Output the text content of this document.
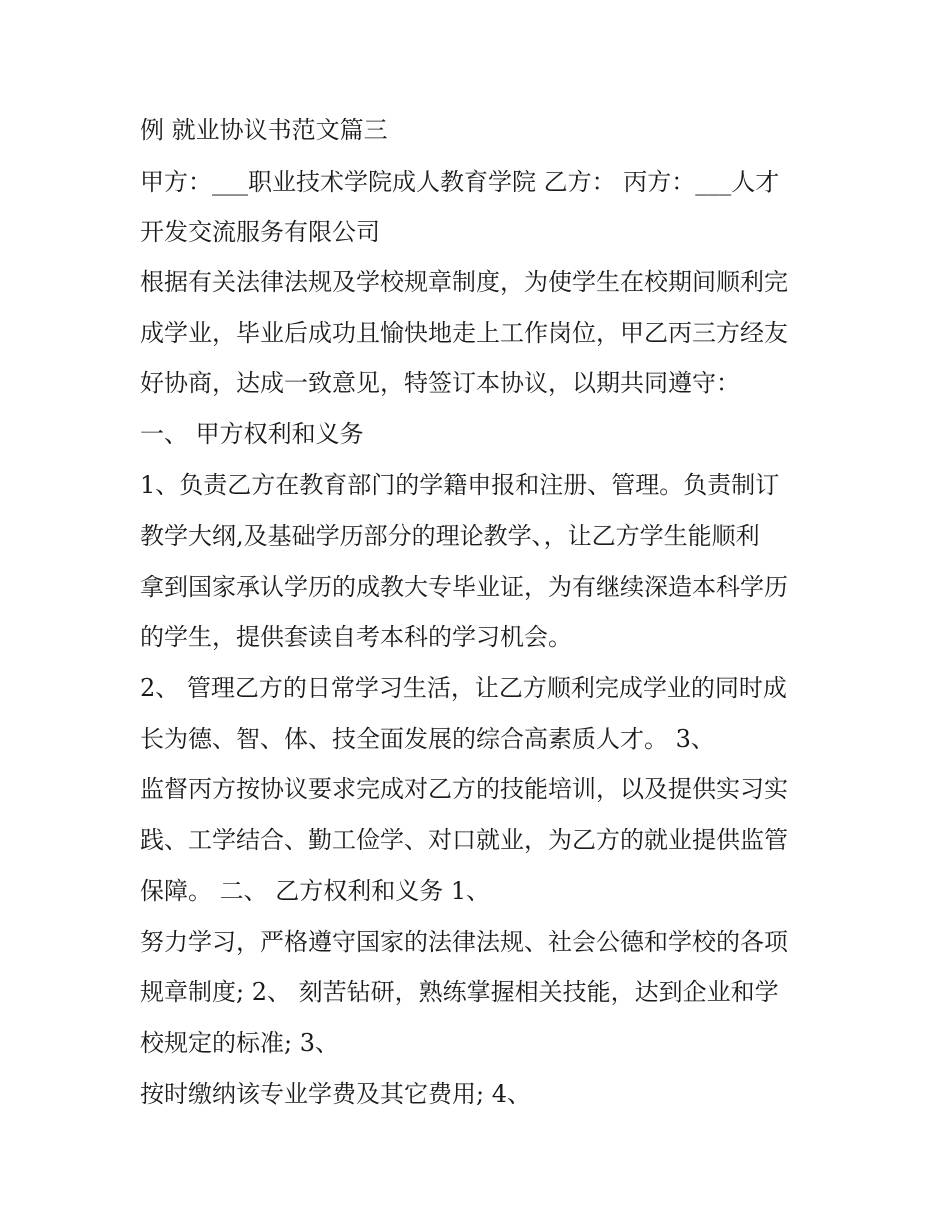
例 就业协议书范文篇三
甲方：___职业技术学院成人教育学院 乙方： 丙方：___人才
开发交流服务有限公司
根据有关法律法规及学校规章制度，为使学生在校期间顺利完
成学业，毕业后成功且愉快地走上工作岗位，甲乙丙三方经友
好协商，达成一致意见，特签订本协议，以期共同遵守：
一、 甲方权利和义务
1、负责乙方在教育部门的学籍申报和注册、管理。负责制订
教学大纲,及基础学历部分的理论教学、，让乙方学生能顺利
拿到国家承认学历的成教大专毕业证，为有继续深造本科学历
的学生，提供套读自考本科的学习机会。
2、 管理乙方的日常学习生活，让乙方顺利完成学业的同时成
长为德、智、体、技全面发展的综合高素质人才。 3、
监督丙方按协议要求完成对乙方的技能培训，以及提供实习实
践、工学结合、勤工俭学、对口就业，为乙方的就业提供监管
保障。 二、 乙方权利和义务 1、
努力学习，严格遵守国家的法律法规、社会公德和学校的各项
规章制度; 2、 刻苦钻研，熟练掌握相关技能，达到企业和学
校规定的标准; 3、
按时缴纳该专业学费及其它费用; 4、
